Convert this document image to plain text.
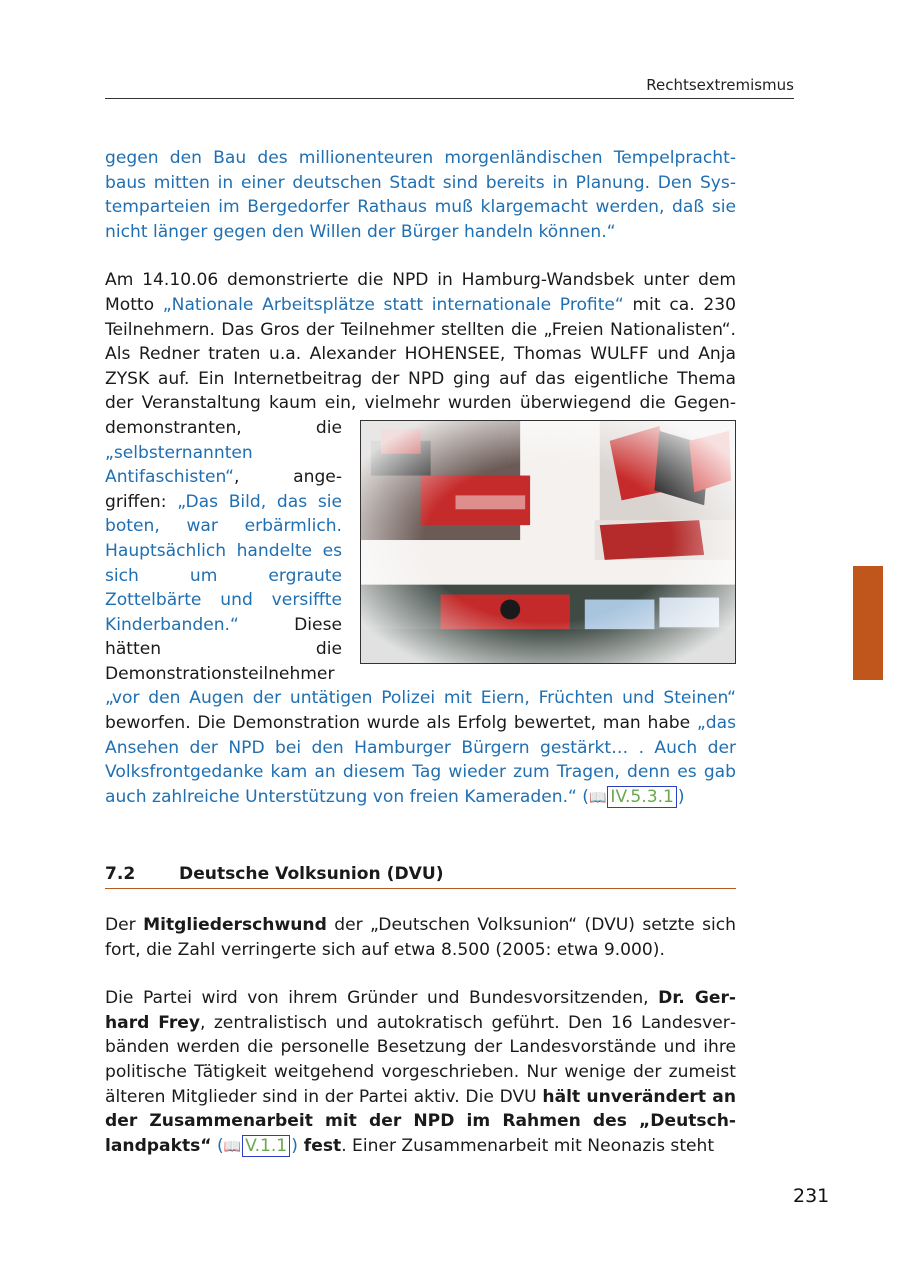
Rechtsextremismus

gegen den Bau des millionenteuren morgenländischen Tempelprachtbaus mitten in einer deutschen Stadt sind bereits in Planung. Den Systemparteien im Bergedorfer Rathaus muß klargemacht werden, daß sie nicht länger gegen den Willen der Bürger handeln können.“

Am 14.10.06 demonstrierte die NPD in Hamburg-Wandsbek unter dem Motto „Nationale Arbeitsplätze statt internationale Profite“ mit ca. 230 Teilnehmern. Das Gros der Teilnehmer stellten die „Freien Nationalisten“. Als Redner traten u.a. Alexander HOHENSEE, Thomas WULFF und Anja ZYSK auf. Ein Internetbeitrag der NPD ging auf das eigentliche Thema der Veranstaltung kaum ein, vielmehr wurden überwiegend die Gegendemonstranten, die
„selbsternannten Antifaschisten“, angegriffen: „Das Bild, das sie boten, war erbärmlich. Hauptsächlich handelte es sich um ergraute Zottelbärte und versiffte Kinderbanden.“ Diese hätten die Demonstrationsteilnehmer „vor den Augen der untätigen Polizei mit Eiern, Früchten und Steinen“ beworfen. Die Demonstration wurde als Erfolg bewertet, man habe „das Ansehen der NPD bei den Hamburger Bürgern gestärkt… . Auch der Volksfrontgedanke kam an diesem Tag wieder zum Tragen, denn es gab auch zahlreiche Unterstützung von freien Kameraden.“ (📖 IV.5.3.1 )

7.2	Deutsche Volksunion (DVU)

Der Mitgliederschwund der „Deutschen Volksunion“ (DVU) setzte sich fort, die Zahl verringerte sich auf etwa 8.500 (2005: etwa 9.000).

Die Partei wird von ihrem Gründer und Bundesvorsitzenden, Dr. Gerhard Frey, zentralistisch und autokratisch geführt. Den 16 Landesverbänden werden die personelle Besetzung der Landesvorstände und ihre politische Tätigkeit weitgehend vorgeschrieben. Nur wenige der zumeist älteren Mitglieder sind in der Partei aktiv. Die DVU hält unverändert an der Zusammenarbeit mit der NPD im Rahmen des „Deutschlandpakts“ (📖 V.1.1 ) fest. Einer Zusammenarbeit mit Neonazis steht

231
